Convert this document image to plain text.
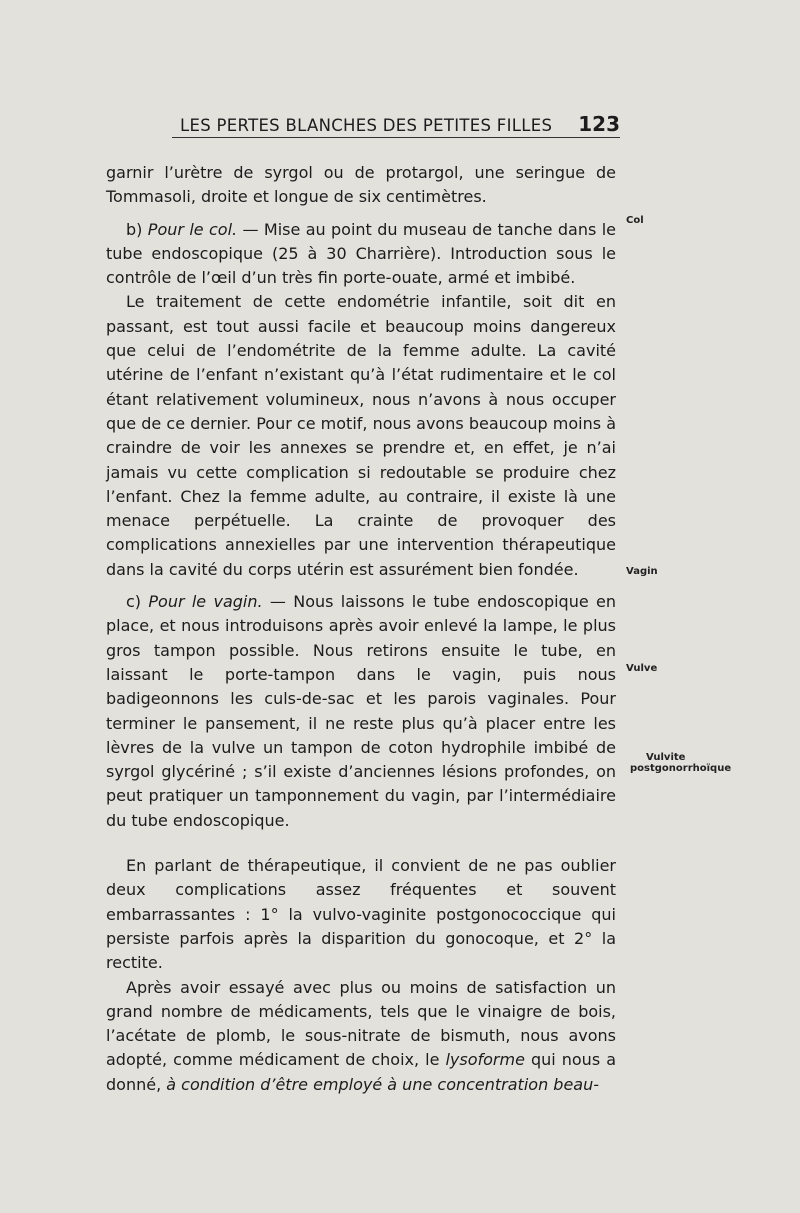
LES PERTES BLANCHES DES PETITES FILLES 123

garnir l’urètre de syrgol ou de protargol, une seringue de Tommasoli, droite et longue de six centimètres.

b) Pour le col. — Mise au point du museau de tanche dans le tube endoscopique (25 à 30 Charrière). Introduction sous le contrôle de l’œil d’un très fin porte-ouate, armé et imbibé.

Le traitement de cette endométrie infantile, soit dit en passant, est tout aussi facile et beaucoup moins dangereux que celui de l’endométrite de la femme adulte. La cavité utérine de l’enfant n’existant qu’à l’état rudimentaire et le col étant relativement volumineux, nous n’avons à nous occuper que de ce dernier. Pour ce motif, nous avons beaucoup moins à craindre de voir les annexes se prendre et, en effet, je n’ai jamais vu cette complication si redoutable se produire chez l’enfant. Chez la femme adulte, au contraire, il existe là une menace perpétuelle. La crainte de provoquer des complications annexielles par une intervention thérapeutique dans la cavité du corps utérin est assurément bien fondée.

c) Pour le vagin. — Nous laissons le tube endoscopique en place, et nous introduisons après avoir enlevé la lampe, le plus gros tampon possible. Nous retirons ensuite le tube, en laissant le porte-tampon dans le vagin, puis nous badigeonnons les culs-de-sac et les parois vaginales. Pour terminer le pansement, il ne reste plus qu’à placer entre les lèvres de la vulve un tampon de coton hydrophile imbibé de syrgol glycériné ; s’il existe d’anciennes lésions profondes, on peut pratiquer un tamponnement du vagin, par l’intermédiaire du tube endoscopique.

En parlant de thérapeutique, il convient de ne pas oublier deux complications assez fréquentes et souvent embarrassantes : 1° la vulvo-vaginite postgonococcique qui persiste parfois après la disparition du gonocoque, et 2° la rectite.

Après avoir essayé avec plus ou moins de satisfaction un grand nombre de médicaments, tels que le vinaigre de bois, l’acétate de plomb, le sous-nitrate de bismuth, nous avons adopté, comme médicament de choix, le lysoforme qui nous a donné, à condition d’être employé à une concentration beau-

Col
Vagin
Vulve
Vulvite
postgonorrhoïque
